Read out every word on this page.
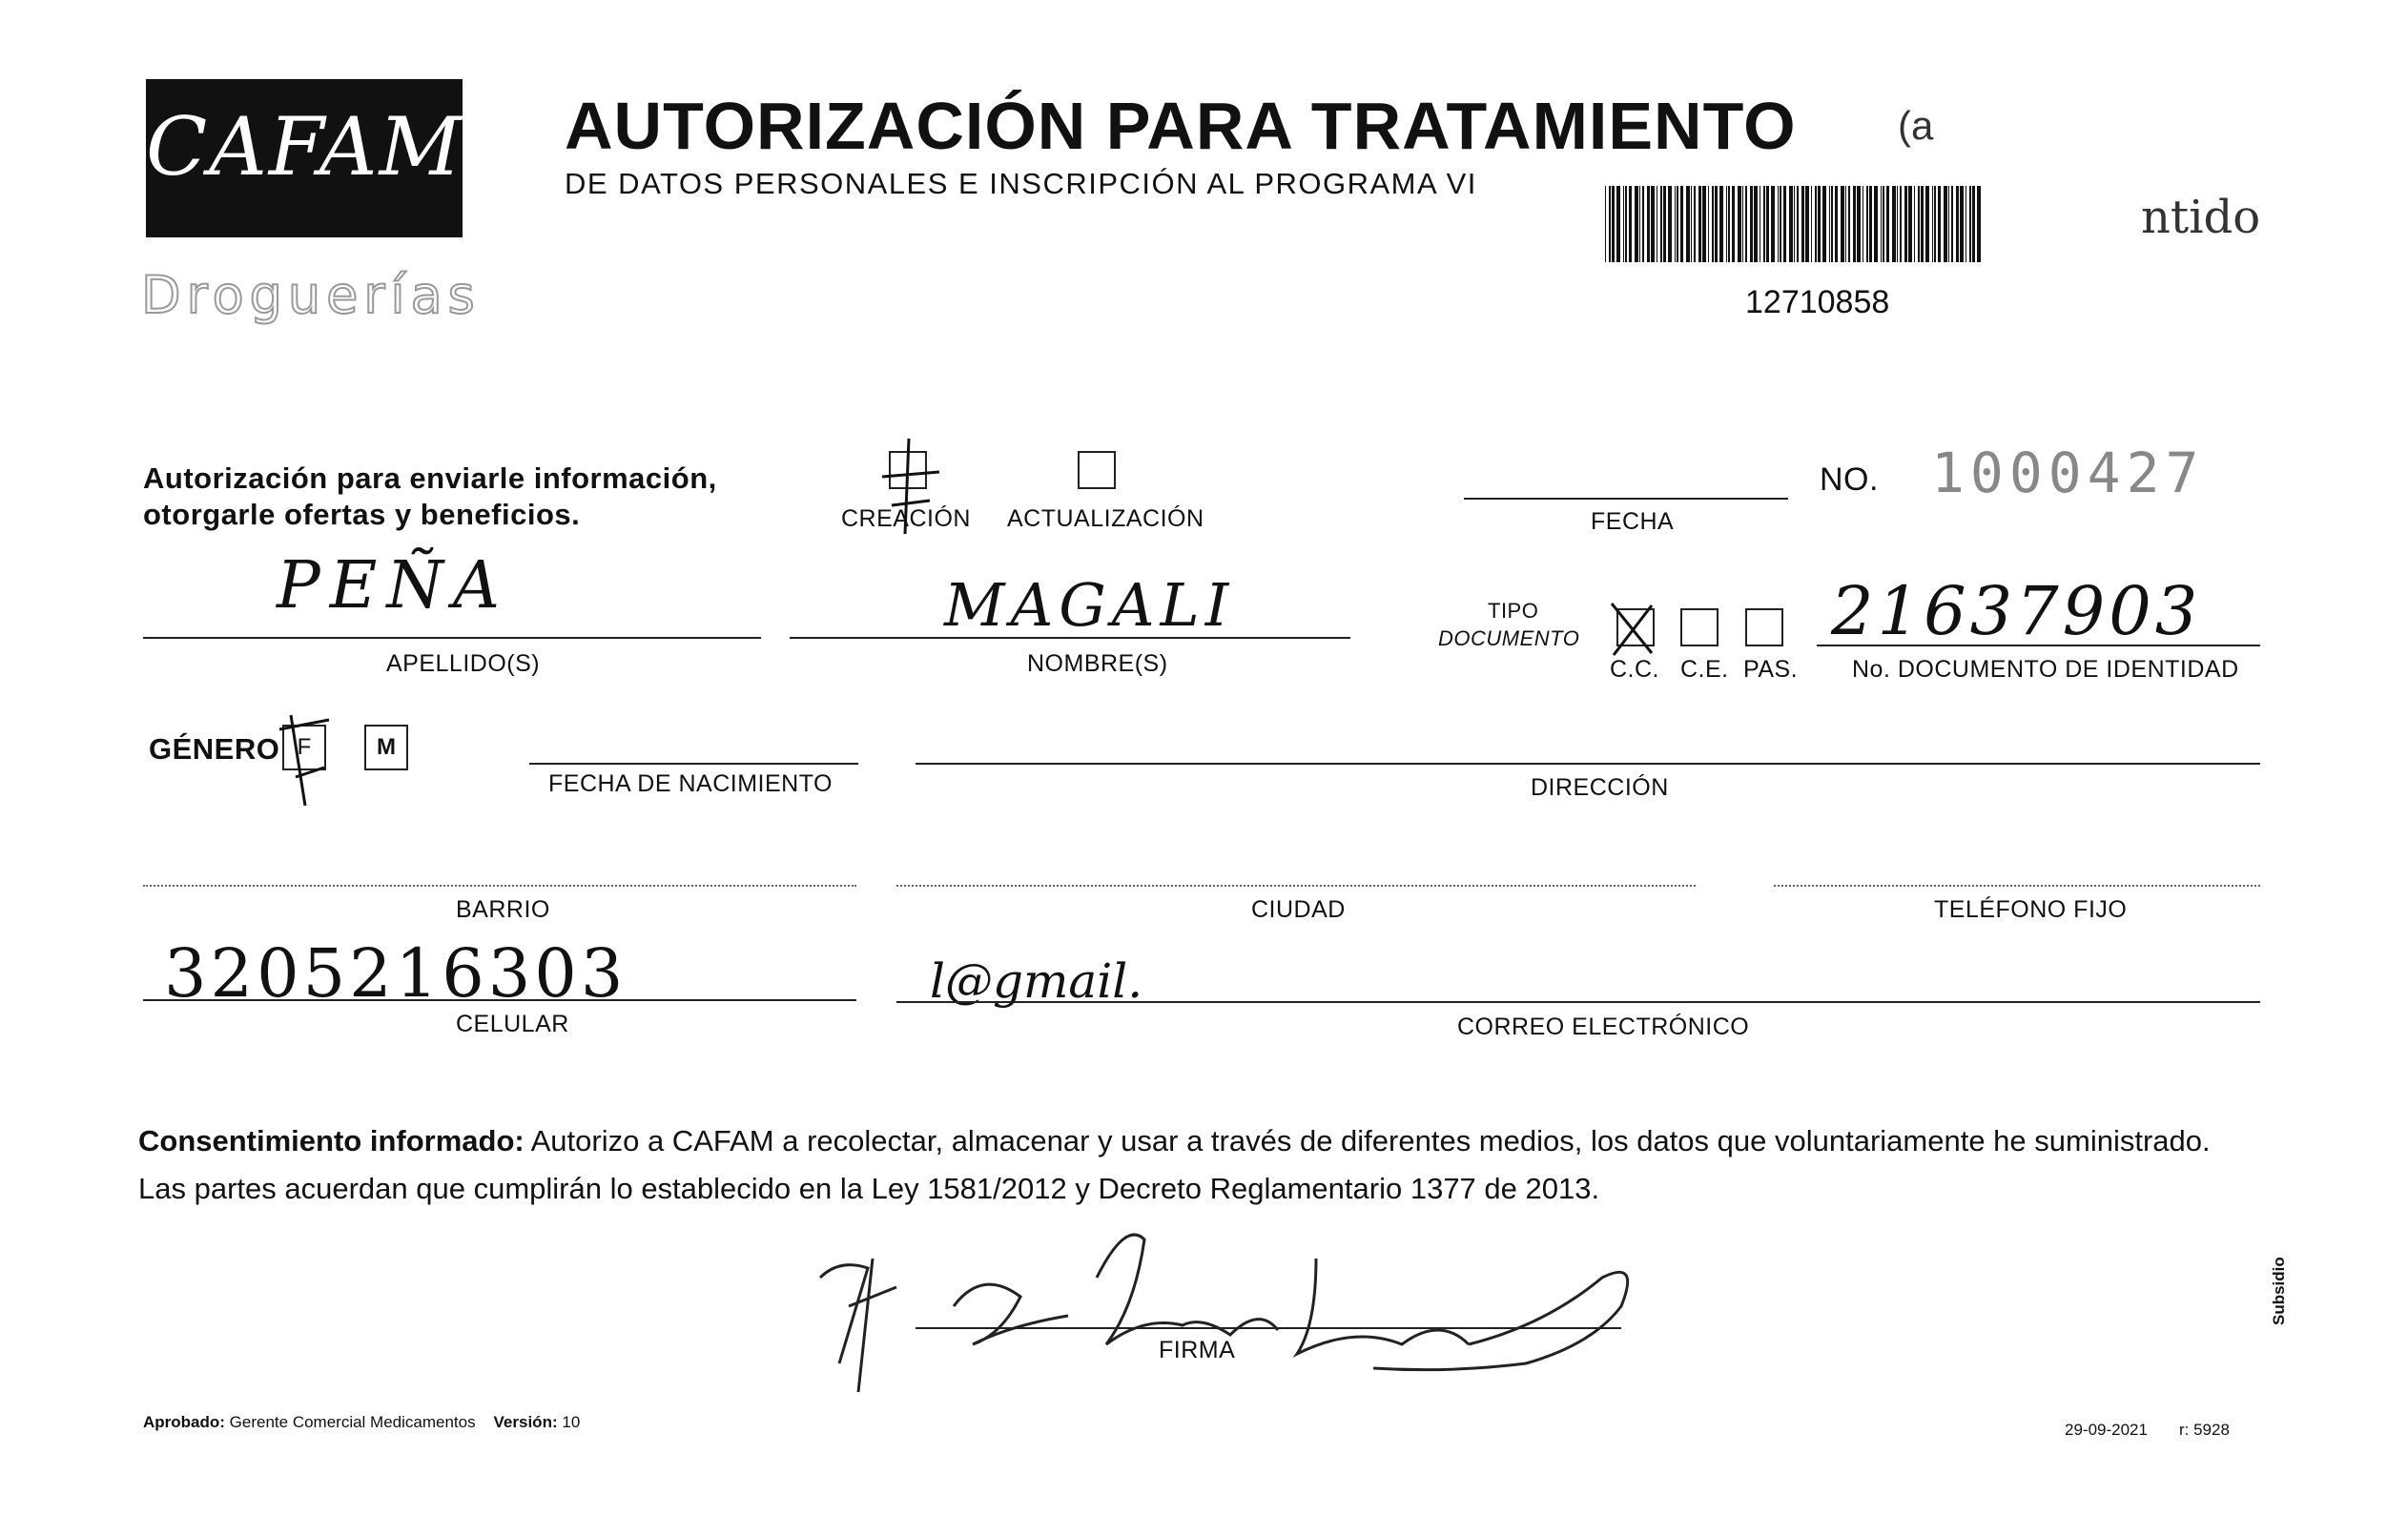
CAFAM
Droguerías
AUTORIZACIÓN PARA TRATAMIENTO
DE DATOS PERSONALES E INSCRIPCIÓN AL PROGRAMA VI
(a
12710858
ntido
Autorización para enviarle información,
otorgarle ofertas y beneficios.	CREACIÓN ACTUALIZACIÓN	FECHA
NO. 1000427
PEÑA
APELLIDO(S)
MAGALI
NOMBRE(S)
TIPO
DOCUMENTO
C.C. C.E. PAS.
21637903
No. DOCUMENTO DE IDENTIDAD
GÉNERO F	M
FECHA DE NACIMIENTO	DIRECCIÓN
BARRIO	CIUDAD	TELÉFONO FIJO
3205216303
CELULAR
l@gmail.
CORREO ELECTRÓNICO
Consentimiento informado: Autorizo a CAFAM a recolectar, almacenar y usar a través de diferentes medios, los datos que voluntariamente he suministrado.
Las partes acuerdan que cumplirán lo establecido en la Ley 1581/2012 y Decreto Reglamentario 1377 de 2013.
FIRMA
Aprobado: Gerente Comercial Medicamentos Versión: 10	29-09-2021 r: 5928
Subsidio
